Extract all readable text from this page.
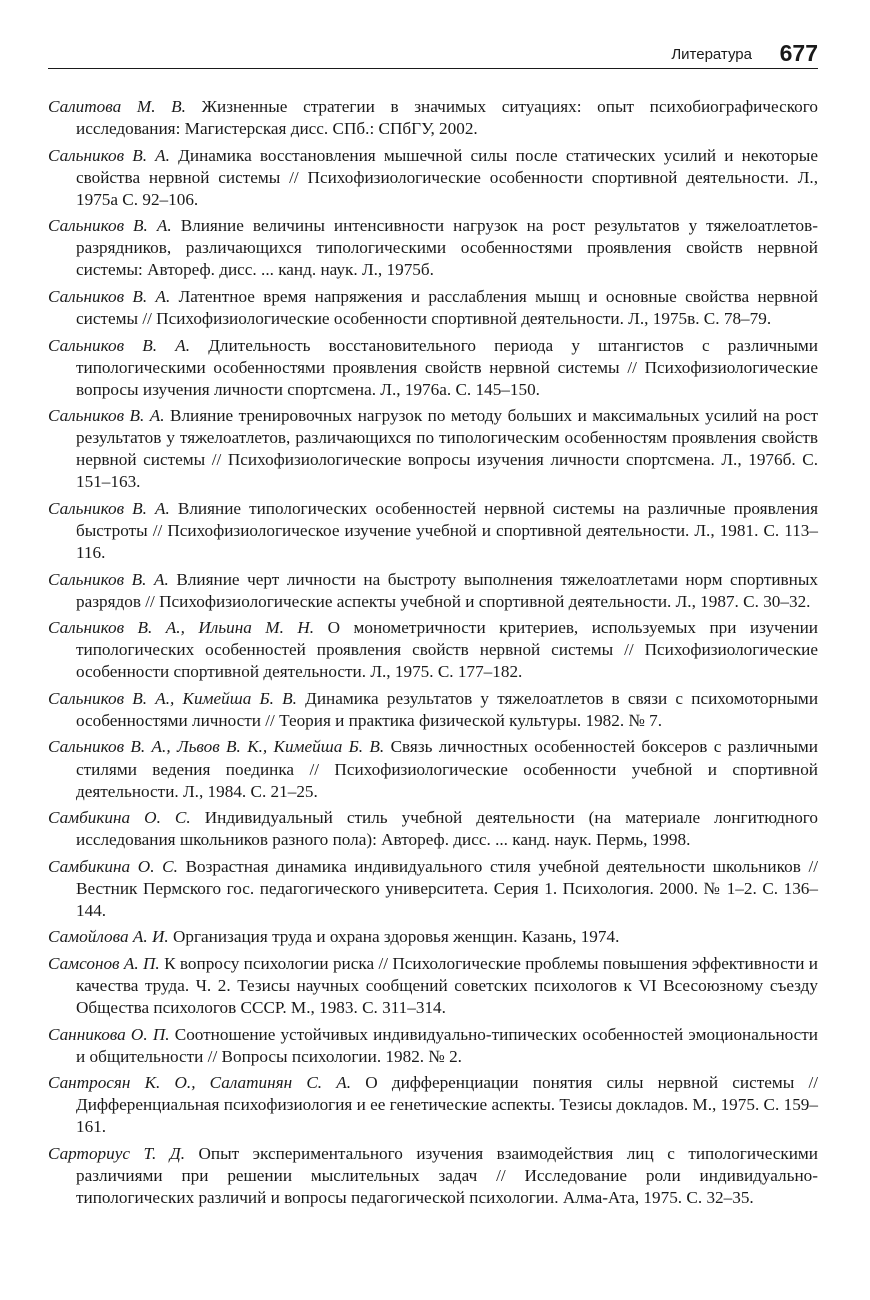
Литература 677

Салитова М. В. Жизненные стратегии в значимых ситуациях: опыт психобиографического исследования: Магистерская дисс. СПб.: СПбГУ, 2002.

Сальников В. А. Динамика восстановления мышечной силы после статических усилий и некоторые свойства нервной системы // Психофизиологические особенности спортивной деятельности. Л., 1975а С. 92–106.

Сальников В. А. Влияние величины интенсивности нагрузок на рост результатов у тяжелоатлетов-разрядников, различающихся типологическими особенностями проявления свойств нервной системы: Автореф. дисс. ... канд. наук. Л., 1975б.

Сальников В. А. Латентное время напряжения и расслабления мышц и основные свойства нервной системы // Психофизиологические особенности спортивной деятельности. Л., 1975в. С. 78–79.

Сальников В. А. Длительность восстановительного периода у штангистов с различными типологическими особенностями проявления свойств нервной системы // Психофизиологические вопросы изучения личности спортсмена. Л., 1976а. С. 145–150.

Сальников В. А. Влияние тренировочных нагрузок по методу больших и максимальных усилий на рост результатов у тяжелоатлетов, различающихся по типологическим особенностям проявления свойств нервной системы // Психофизиологические вопросы изучения личности спортсмена. Л., 1976б. С. 151–163.

Сальников В. А. Влияние типологических особенностей нервной системы на различные проявления быстроты // Психофизиологическое изучение учебной и спортивной деятельности. Л., 1981. С. 113–116.

Сальников В. А. Влияние черт личности на быстроту выполнения тяжелоатлетами норм спортивных разрядов // Психофизиологические аспекты учебной и спортивной деятельности. Л., 1987. С. 30–32.

Сальников В. А., Ильина М. Н. О монометричности критериев, используемых при изучении типологических особенностей проявления свойств нервной системы // Психофизиологические особенности спортивной деятельности. Л., 1975. С. 177–182.

Сальников В. А., Кимейша Б. В. Динамика результатов у тяжелоатлетов в связи с психомоторными особенностями личности // Теория и практика физической культуры. 1982. № 7.

Сальников В. А., Львов В. К., Кимейша Б. В. Связь личностных особенностей боксеров с различными стилями ведения поединка // Психофизиологические особенности учебной и спортивной деятельности. Л., 1984. С. 21–25.

Самбикина О. С. Индивидуальный стиль учебной деятельности (на материале лонгитюдного исследования школьников разного пола): Автореф. дисс. ... канд. наук. Пермь, 1998.

Самбикина О. С. Возрастная динамика индивидуального стиля учебной деятельности школьников // Вестник Пермского гос. педагогического университета. Серия 1. Психология. 2000. № 1–2. С. 136–144.

Самойлова А. И. Организация труда и охрана здоровья женщин. Казань, 1974.

Самсонов А. П. К вопросу психологии риска // Психологические проблемы повышения эффективности и качества труда. Ч. 2. Тезисы научных сообщений советских психологов к VI Всесоюзному съезду Общества психологов СССР. М., 1983. С. 311–314.

Санникова О. П. Соотношение устойчивых индивидуально-типических особенностей эмоциональности и общительности // Вопросы психологии. 1982. № 2.

Сантросян К. О., Салатинян С. А. О дифференциации понятия силы нервной системы // Дифференциальная психофизиология и ее генетические аспекты. Тезисы докладов. М., 1975. С. 159–161.

Сарториус Т. Д. Опыт экспериментального изучения взаимодействия лиц с типологическими различиями при решении мыслительных задач // Исследование роли индивидуально-типологических различий и вопросы педагогической психологии. Алма-Ата, 1975. С. 32–35.
